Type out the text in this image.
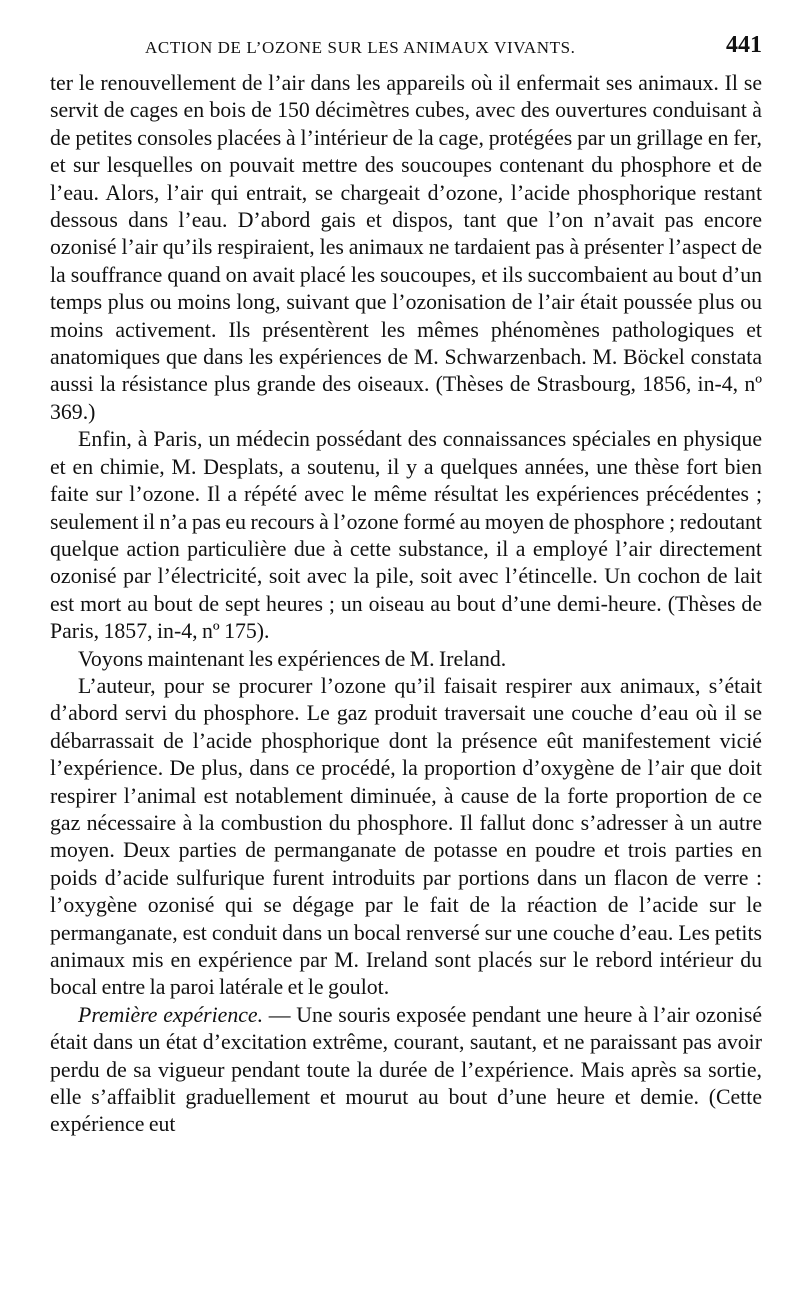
ACTION DE L’OZONE SUR LES ANIMAUX VIVANTS.	441

ter le renouvellement de l’air dans les appareils où il enfermait ses animaux. Il se servit de cages en bois de 150 décimètres cubes, avec des ouvertures conduisant à de petites consoles placées à l’intérieur de la cage, protégées par un grillage en fer, et sur lesquelles on pouvait mettre des soucoupes contenant du phosphore et de l’eau. Alors, l’air qui entrait, se chargeait d’ozone, l’acide phosphorique restant dessous dans l’eau. D’abord gais et dispos, tant que l’on n’avait pas encore ozonisé l’air qu’ils respiraient, les animaux ne tardaient pas à présenter l’aspect de la souffrance quand on avait placé les soucoupes, et ils succombaient au bout d’un temps plus ou moins long, suivant que l’ozonisation de l’air était poussée plus ou moins activement. Ils présentèrent les mêmes phénomènes pathologiques et anatomiques que dans les expériences de M. Schwarzenbach. M. Böckel constata aussi la résistance plus grande des oiseaux. (Thèses de Strasbourg, 1856, in-4, nº 369.)

Enfin, à Paris, un médecin possédant des connaissances spéciales en physique et en chimie, M. Desplats, a soutenu, il y a quelques années, une thèse fort bien faite sur l’ozone. Il a répété avec le même résultat les expériences précédentes ; seulement il n’a pas eu recours à l’ozone formé au moyen de phosphore ; redoutant quelque action particulière due à cette substance, il a employé l’air directement ozonisé par l’électricité, soit avec la pile, soit avec l’étincelle. Un cochon de lait est mort au bout de sept heures ; un oiseau au bout d’une demi-heure. (Thèses de Paris, 1857, in-4, nº 175).

Voyons maintenant les expériences de M. Ireland.

L’auteur, pour se procurer l’ozone qu’il faisait respirer aux animaux, s’était d’abord servi du phosphore. Le gaz produit traversait une couche d’eau où il se débarrassait de l’acide phosphorique dont la présence eût manifestement vicié l’expérience. De plus, dans ce procédé, la proportion d’oxygène de l’air que doit respirer l’animal est notablement diminuée, à cause de la forte proportion de ce gaz nécessaire à la combustion du phosphore. Il fallut donc s’adresser à un autre moyen. Deux parties de permanganate de potasse en poudre et trois parties en poids d’acide sulfurique furent introduits par portions dans un flacon de verre : l’oxygène ozonisé qui se dégage par le fait de la réaction de l’acide sur le permanganate, est conduit dans un bocal renversé sur une couche d’eau. Les petits animaux mis en expérience par M. Ireland sont placés sur le rebord intérieur du bocal entre la paroi latérale et le goulot.

Première expérience. — Une souris exposée pendant une heure à l’air ozonisé était dans un état d’excitation extrême, courant, sautant, et ne paraissant pas avoir perdu de sa vigueur pendant toute la durée de l’expérience. Mais après sa sortie, elle s’affaiblit graduellement et mourut au bout d’une heure et demie. (Cette expérience eut
